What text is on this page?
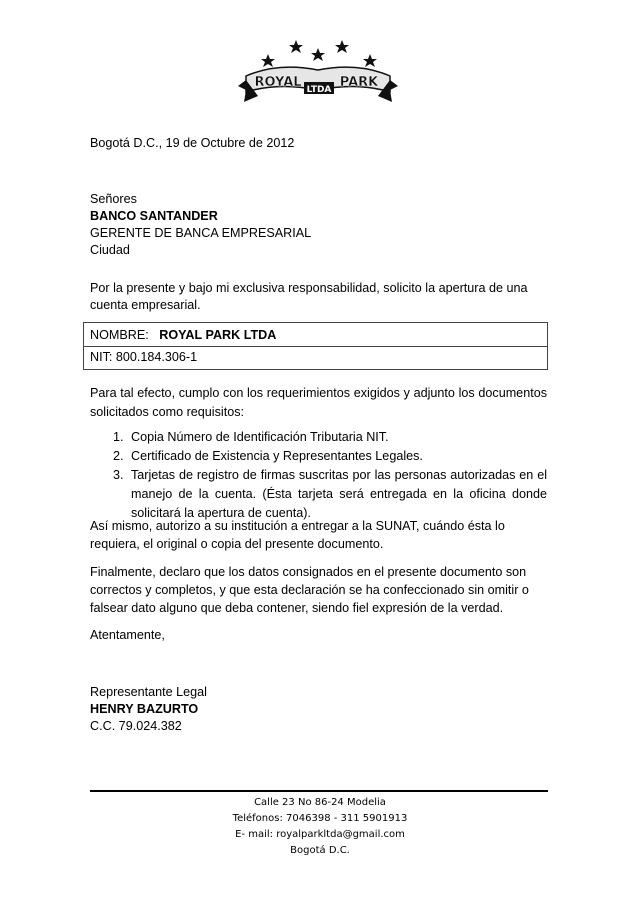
ROYAL	PARK
LTDA
Bogotá D.C., 19 de Octubre de 2012
Señores
BANCO SANTANDER
GERENTE DE BANCA EMPRESARIAL
Ciudad
Por la presente y bajo mi exclusiva responsabilidad, solicito la apertura de una
cuenta empresarial.
NOMBRE: ROYAL PARK LTDA
NIT: 800.184.306-1
Para tal efecto, cumplo con los requerimientos exigidos y adjunto los documentos solicitados como requisitos:
1. Copia Número de Identificación Tributaria NIT.
2. Certificado de Existencia y Representantes Legales.
3. Tarjetas de registro de firmas suscritas por las personas autorizadas en el manejo de la cuenta. (Ésta tarjeta será entregada en la oficina donde solicitará la apertura de cuenta).
Así mismo, autorizo a su institución a entregar a la SUNAT, cuándo ésta lo
requiera, el original o copia del presente documento.
Finalmente, declaro que los datos consignados en el presente documento son
correctos y completos, y que esta declaración se ha confeccionado sin omitir o
falsear dato alguno que deba contener, siendo fiel expresión de la verdad.
Atentamente,
Representante Legal
HENRY BAZURTO
C.C. 79.024.382
Calle 23 No 86-24 Modelia
Teléfonos: 7046398 - 311 5901913
E- mail: royalparkltda@gmail.com
Bogotá D.C.
